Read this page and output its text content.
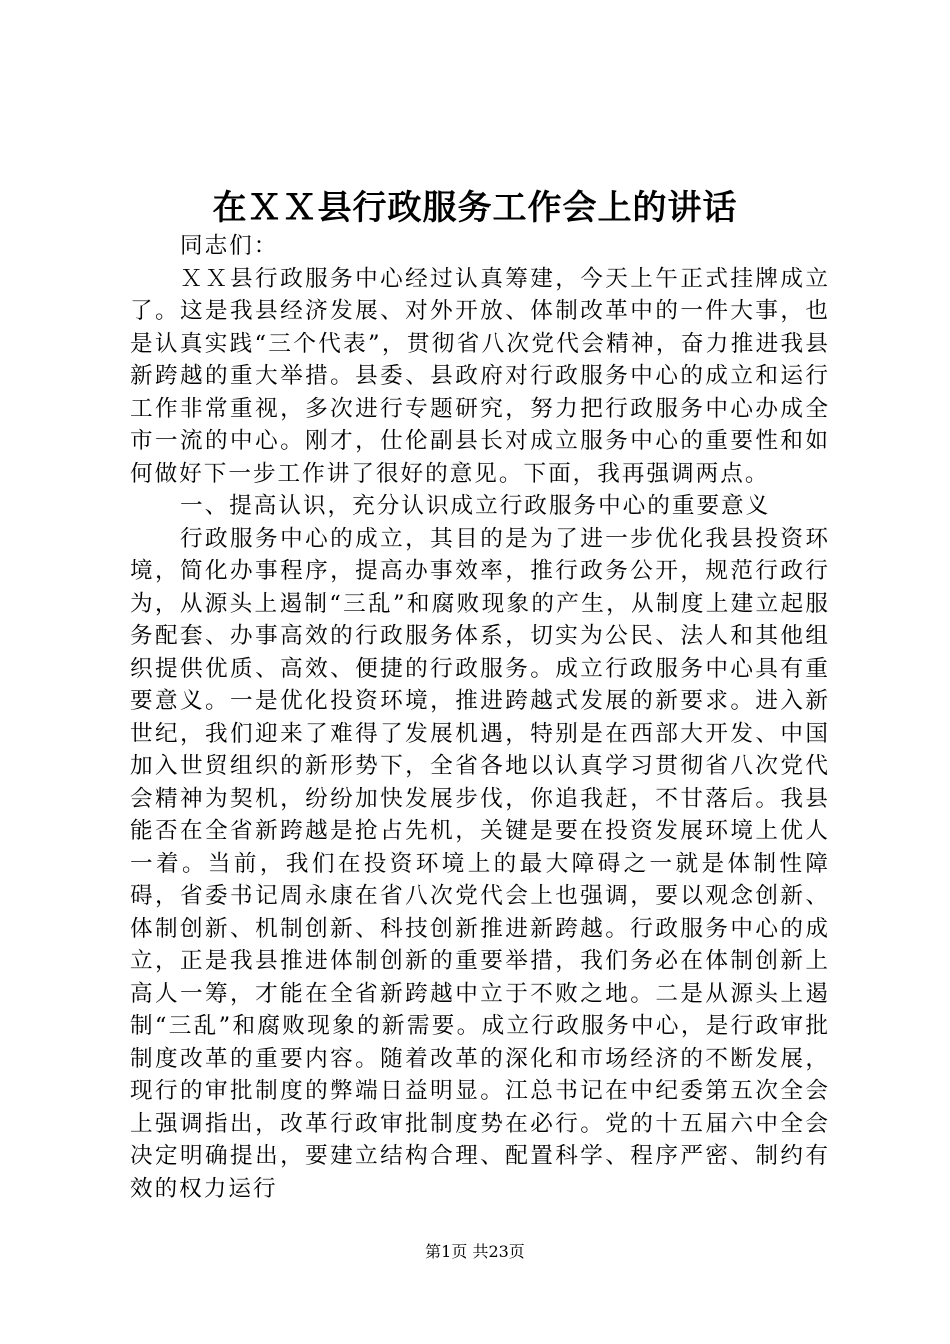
在ＸＸ县行政服务工作会上的讲话

同志们：

ＸＸ县行政服务中心经过认真筹建，今天上午正式挂牌成立了。这是我县经济发展、对外开放、体制改革中的一件大事，也是认真实践“三个代表”，贯彻省八次党代会精神，奋力推进我县新跨越的重大举措。县委、县政府对行政服务中心的成立和运行工作非常重视，多次进行专题研究，努力把行政服务中心办成全市一流的中心。刚才，仕伦副县长对成立服务中心的重要性和如何做好下一步工作讲了很好的意见。下面，我再强调两点。

一、提高认识，充分认识成立行政服务中心的重要意义

行政服务中心的成立，其目的是为了进一步优化我县投资环境，简化办事程序，提高办事效率，推行政务公开，规范行政行为，从源头上遏制“三乱”和腐败现象的产生，从制度上建立起服务配套、办事高效的行政服务体系，切实为公民、法人和其他组织提供优质、高效、便捷的行政服务。成立行政服务中心具有重要意义。一是优化投资环境，推进跨越式发展的新要求。进入新世纪，我们迎来了难得了发展机遇，特别是在西部大开发、中国加入世贸组织的新形势下，全省各地以认真学习贯彻省八次党代会精神为契机，纷纷加快发展步伐，你追我赶，不甘落后。我县能否在全省新跨越是抢占先机，关键是要在投资发展环境上优人一着。当前，我们在投资环境上的最大障碍之一就是体制性障碍，省委书记周永康在省八次党代会上也强调，要以观念创新、体制创新、机制创新、科技创新推进新跨越。行政服务中心的成立，正是我县推进体制创新的重要举措，我们务必在体制创新上高人一筹，才能在全省新跨越中立于不败之地。二是从源头上遏制“三乱”和腐败现象的新需要。成立行政服务中心，是行政审批制度改革的重要内容。随着改革的深化和市场经济的不断发展，现行的审批制度的弊端日益明显。江总书记在中纪委第五次全会上强调指出，改革行政审批制度势在必行。党的十五届六中全会决定明确提出，要建立结构合理、配置科学、程序严密、制约有效的权力运行

第1页 共23页
